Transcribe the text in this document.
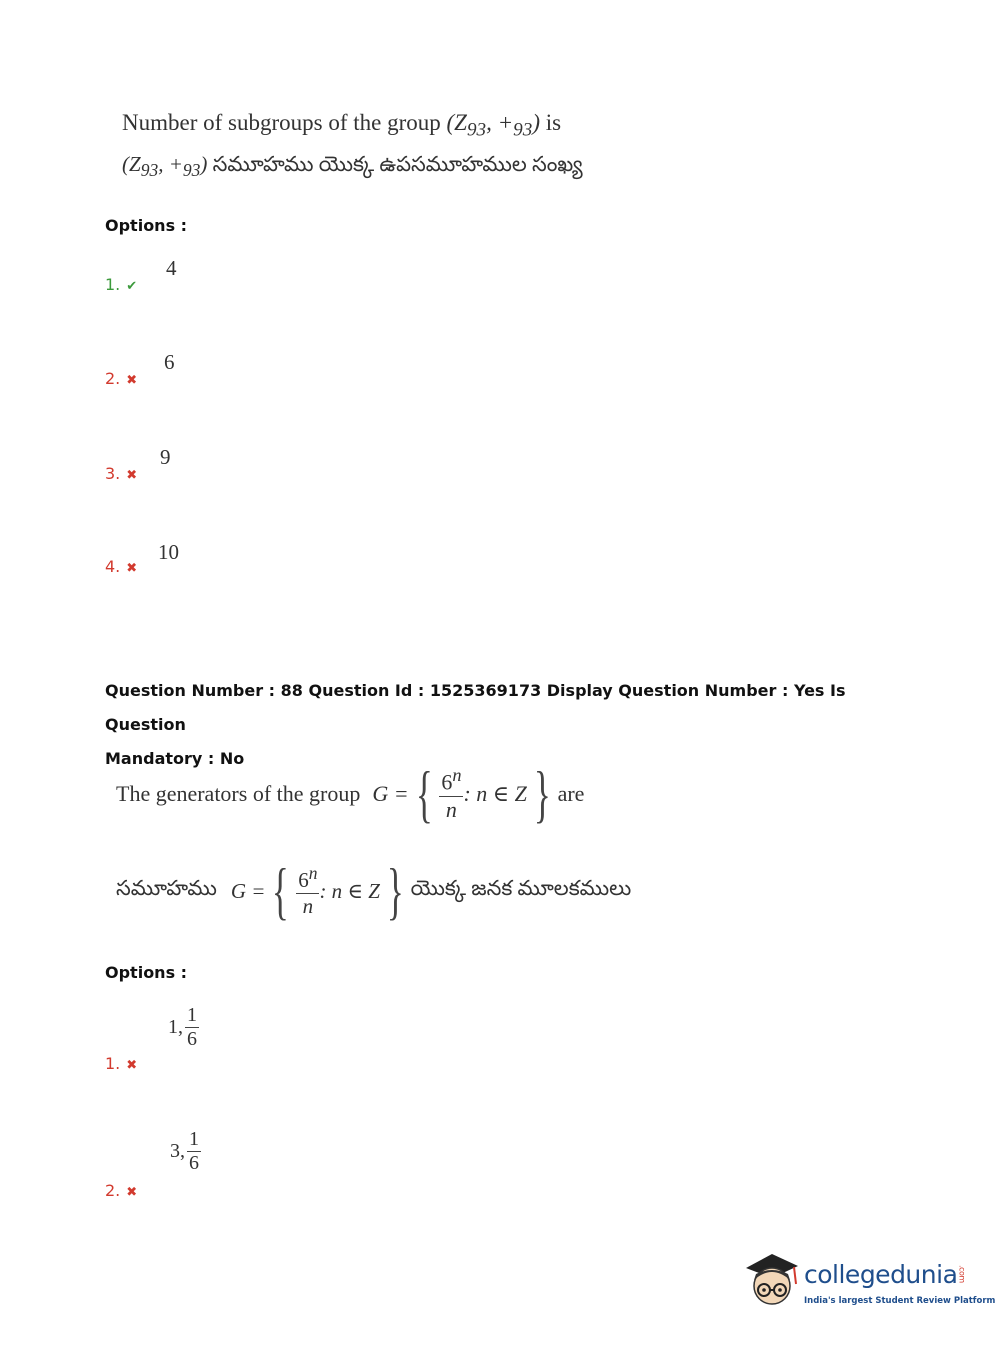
Number of subgroups of the group ($Z_{93}$, $+_{93}$) is
($Z_{93}$, $+_{93}$) సమూహము యొక్క ఉపసమూహముల సంఖ్య
Options :
1. ✔
4
2. ✖
6
3. ✖
9
4. ✖
10
Question Number : 88 Question Id : 1525369173 Display Question Number : Yes Is Question
Mandatory : No
The generators of the group G = { $\frac{6^n}{n}$ : n ∈ Z } are
సమూహము G = { $\frac{6^n}{n}$ : n ∈ Z } యొక్క జనక మూలకములు
Options :
1. ✖
1, $\frac{1}{6}$
2. ✖
3, $\frac{1}{6}$
collegedunia.com
India's largest Student Review Platform
